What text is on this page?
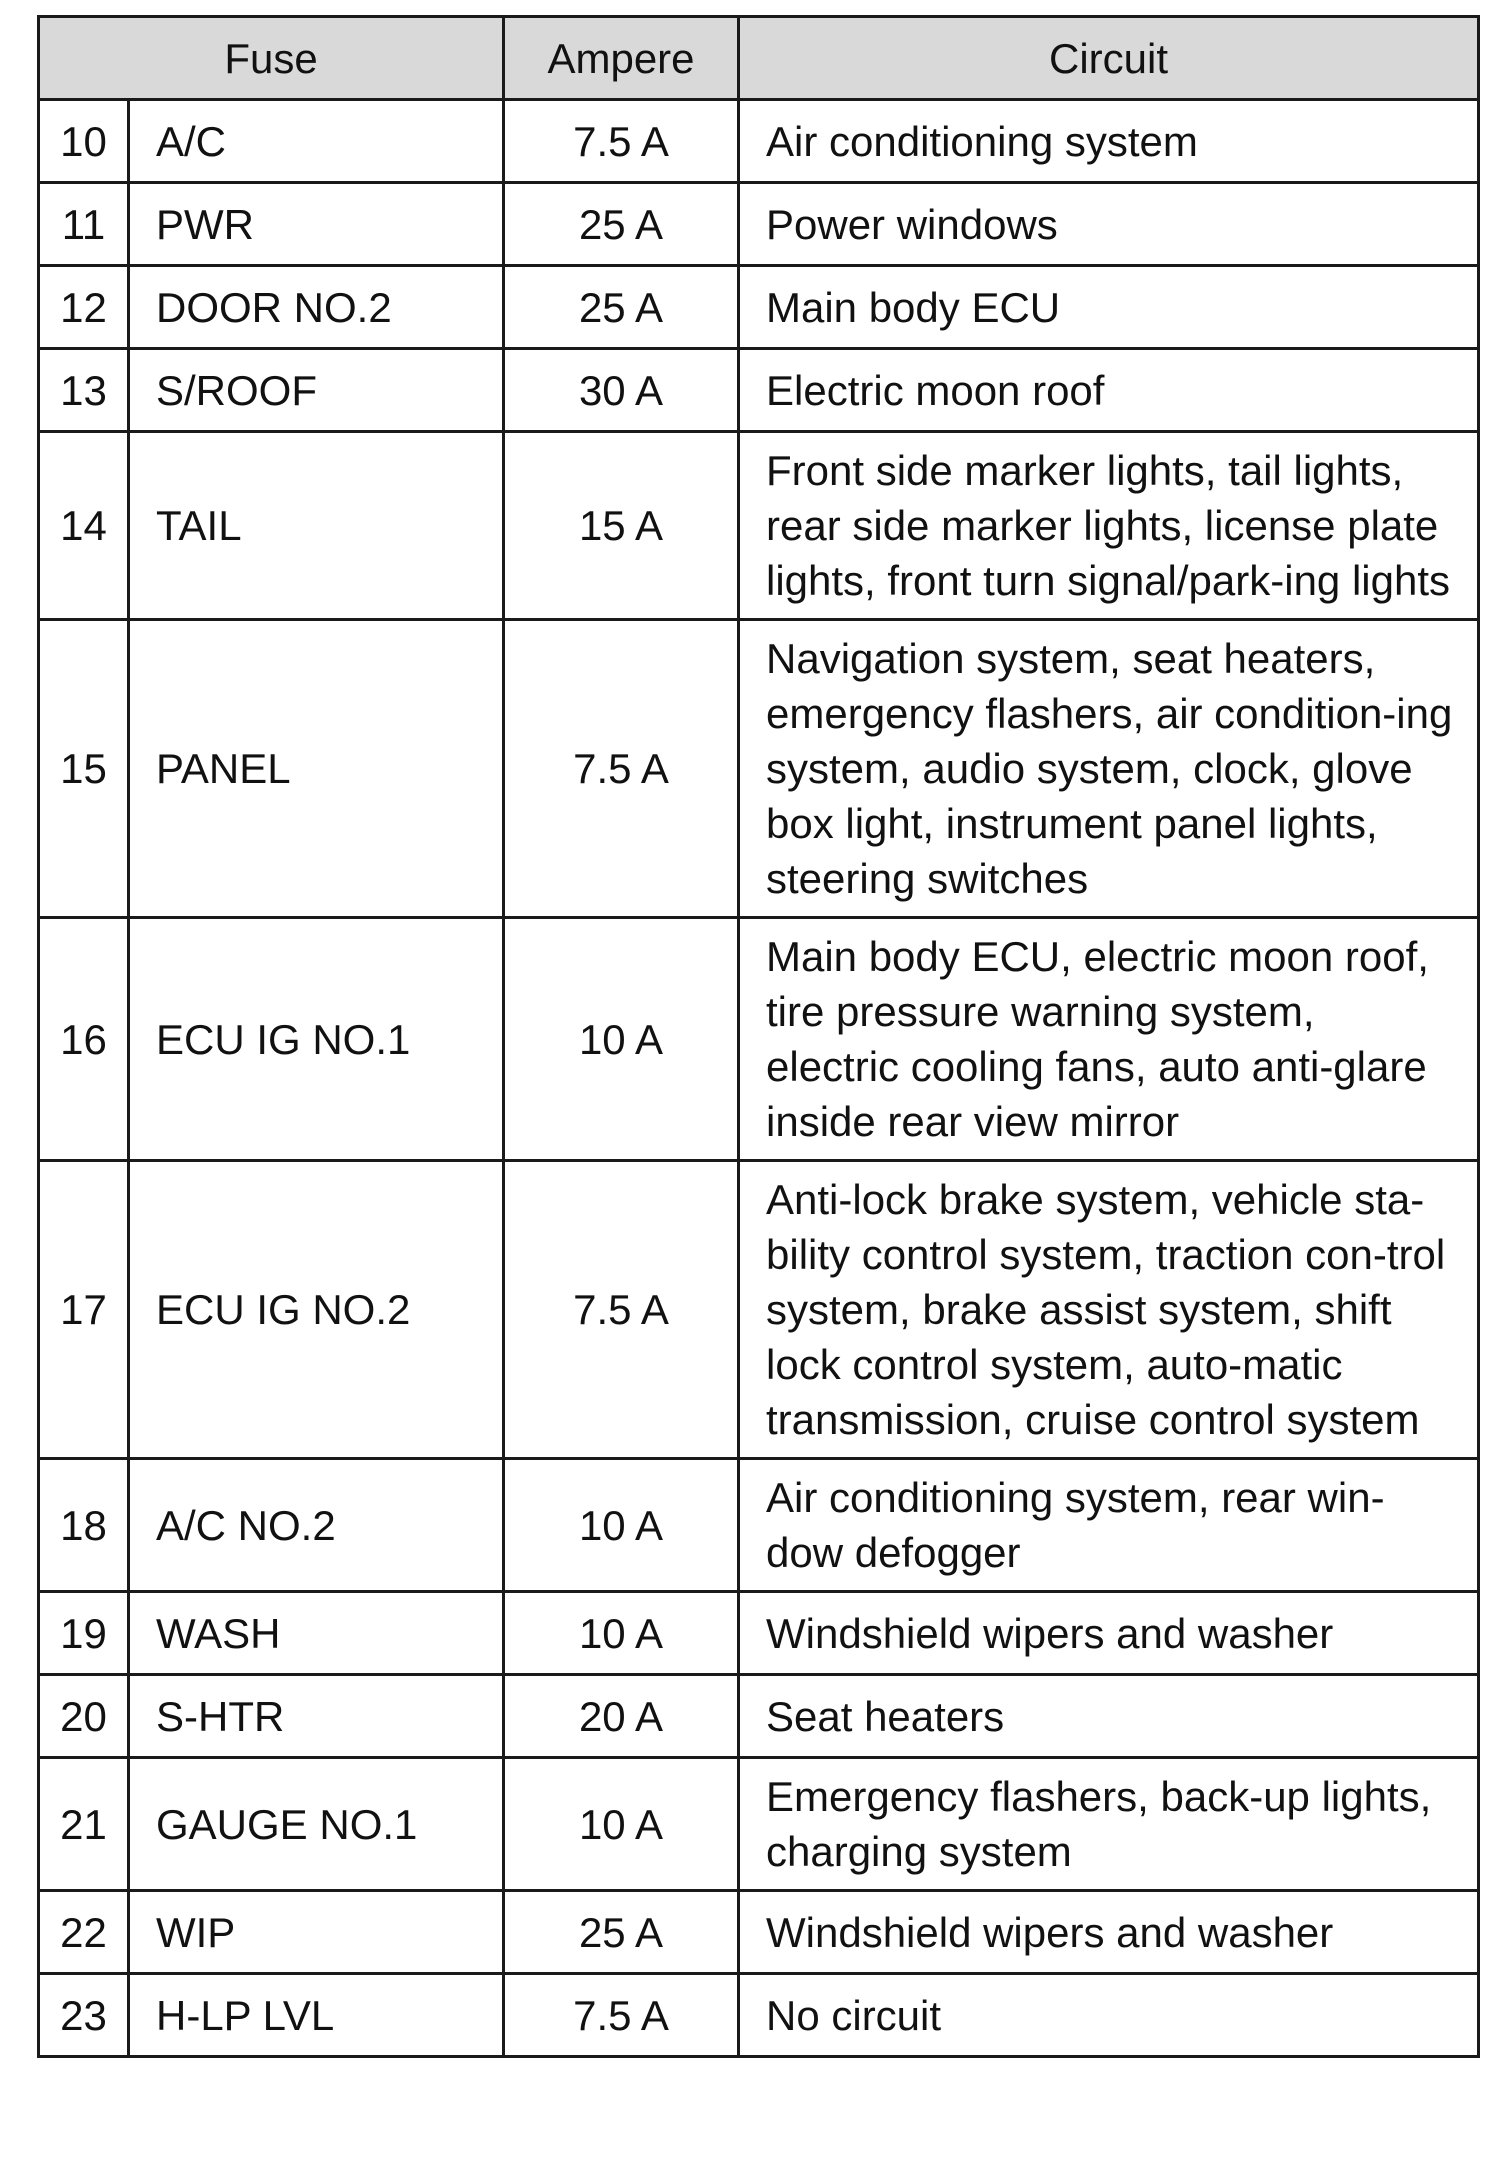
Fuse		Ampere	Circuit
10	A/C	7.5 A	Air conditioning system
11	PWR	25 A	Power windows
12	DOOR NO.2	25 A	Main body ECU
13	S/ROOF	30 A	Electric moon roof
14	TAIL	15 A	Front side marker lights, tail lights, rear side marker lights, license plate lights, front turn signal/park-ing lights
15	PANEL	7.5 A	Navigation system, seat heaters, emergency flashers, air condition-ing system, audio system, clock, glove box light, instrument panel lights, steering switches
16	ECU IG NO.1	10 A	Main body ECU, electric moon roof, tire pressure warning system, electric cooling fans, auto anti-glare inside rear view mirror
17	ECU IG NO.2	7.5 A	Anti-lock brake system, vehicle sta-bility control system, traction con-trol system, brake assist system, shift lock control system, auto-matic transmission, cruise control system
18	A/C NO.2	10 A	Air conditioning system, rear win-dow defogger
19	WASH	10 A	Windshield wipers and washer
20	S-HTR	20 A	Seat heaters
21	GAUGE NO.1	10 A	Emergency flashers, back-up lights, charging system
22	WIP	25 A	Windshield wipers and washer
23	H-LP LVL	7.5 A	No circuit
